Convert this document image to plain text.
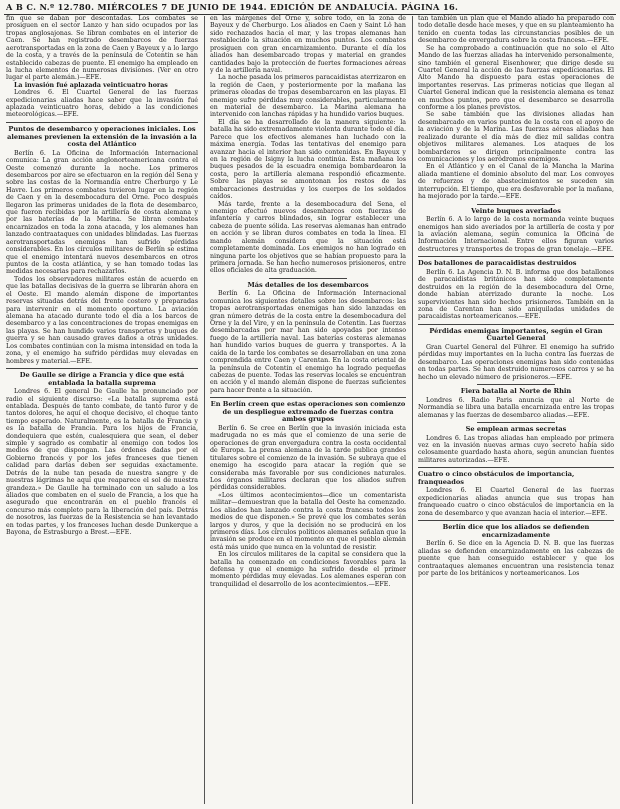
A B C. N.º 12.780. MIÉRCOLES 7 DE JUNIO DE 1944. EDICIÓN DE ANDALUCÍA. PÁGINA 16.

fin que se daban por descontadas. Los combates se prosiguen en el sector Lanzo y han sido ocupados por las tropas anglosajonas. Se libran combates en el interior de Caen. Se han registrado desembarcos de fuerzas aerotransportadas en la zona de Caen y Bayeux y a lo largo de la costa, y a través de la península de Cotentin se han establecido cabezas de puente. El enemigo ha empleado en la lucha elementos de numerosas divisiones. (Ver en otro lugar el parte alemán.)—EFE.

La invasión fué aplazada veinticuatro horas

Londres 6. El Cuartel General de las fuerzas expedicionarias aliadas hace saber que la invasión fué aplazada veinticuatro horas, debido a las condiciones meteorológicas.—EFE.

Puntos de desembarco y operaciones iniciales. Los alemanes previenen la extensión de la invasión a la costa del Atlántico

Berlín 6. La Oficina de Información Internacional comunica: La gran acción anglonorteamericana contra el Oeste comenzó durante la noche. Los primeros desembarcos por aire se efectuaron en la región del Sena y sobre las costas de la Normandía entre Cherburgo y Le Havre. Los primeros combates tuvieron lugar en la región de Caen y en la desembocadura del Orne. Poco después llegaron las primeras unidades de la flota de desembarco, que fueron recibidas por la artillería de costa alemana y por las baterías de la Marina. Se libran combates encarnizados en toda la zona atacada, y los alemanes han lanzado contraataques con unidades blindadas. Las fuerzas aerotransportadas enemigas han sufrido pérdidas considerables. En los círculos militares de Berlín se estima que el enemigo intentará nuevos desembarcos en otros puntos de la costa atlántica, y se han tomado todas las medidas necesarias para rechazarlos.

Todos los observadores militares están de acuerdo en que las batallas decisivas de la guerra se librarán ahora en el Oeste. El mando alemán dispone de importantes reservas situadas detrás del frente costero y preparadas para intervenir en el momento oportuno. La aviación alemana ha atacado durante todo el día a los barcos de desembarco y a las concentraciones de tropas enemigas en las playas. Se han hundido varios transportes y buques de guerra y se han causado graves daños a otras unidades. Los combates continúan con la misma intensidad en toda la zona, y el enemigo ha sufrido pérdidas muy elevadas en hombres y material.—EFE.

De Gaulle se dirige a Francia y dice que está entablada la batalla suprema

Londres 6. El general De Gaulle ha pronunciado por radio el siguiente discurso: «La batalla suprema está entablada. Después de tanto combate, de tanto furor y de tantos dolores, he aquí el choque decisivo, el choque tanto tiempo esperado. Naturalmente, es la batalla de Francia y es la batalla de Francia. Para los hijos de Francia, dondequiera que estén, cualesquiera que sean, el deber simple y sagrado es combatir al enemigo con todos los medios de que dispongan. Las órdenes dadas por el Gobierno francés y por los jefes franceses que tienen calidad para darlas deben ser seguidas exactamente. Detrás de la nube tan pesada de nuestra sangre y de nuestras lágrimas he aquí que reaparece el sol de nuestra grandeza.» De Gaulle ha terminado con un saludo a los aliados que combaten en el suelo de Francia, a los que ha asegurado que encontrarán en el pueblo francés el concurso más completo para la liberación del país. Detrás de nosotros, las fuerzas de la Resistencia se han levantado en todas partes, y los franceses luchan desde Dunkerque a Bayona, de Estrasburgo a Brest.—EFE.

en las márgenes del Orne y, sobre todo, en la zona de Bayeux y de Cherburgo. Los aliados en Caen y Saint Lô han sido rechazados hacia el mar, y las tropas alemanas han restablecido la situación en muchos puntos. Los combates prosiguen con gran encarnizamiento. Durante el día los aliados han desembarcado tropas y material en grandes cantidades bajo la protección de fuertes formaciones aéreas y de la artillería naval.

La noche pasada los primeros paracaidistas aterrizaron en la región de Caen, y posteriormente por la mañana las primeras oleadas de tropas desembarcaron en las playas. El enemigo sufre pérdidas muy considerables, particularmente en material de desembarco. La Marina alemana ha intervenido con lanchas rápidas y ha hundido varios buques.

El día se ha desarrollado de la manera siguiente: la batalla ha sido extremadamente violenta durante todo el día. Parece que los efectivos alemanes han luchado con la máxima energía. Todas las tentativas del enemigo para avanzar hacia el interior han sido contenidas. En Bayeux y en la región de Isigny la lucha continúa. Esta mañana los buques pesados de la escuadra enemiga bombardearon la costa, pero la artillería alemana respondió eficazmente. Sobre las playas se amontonan los restos de las embarcaciones destruidas y los cuerpos de los soldados caídos.

Más tarde, frente a la desembocadura del Sena, el enemigo efectuó nuevos desembarcos con fuerzas de infantería y carros blindados, sin lograr establecer una cabeza de puente sólida. Las reservas alemanas han entrado en acción y se libran duros combates en toda la línea. El mando alemán considera que la situación está completamente dominada. Los enemigos no han logrado en ninguna parte los objetivos que se habían propuesto para la primera jornada. Se han hecho numerosos prisioneros, entre ellos oficiales de alta graduación.

Más detalles de los desembarcos

Berlín 6. La Oficina de Información Internacional comunica los siguientes detalles sobre los desembarcos: las tropas aerotransportadas enemigas han sido lanzadas en gran número detrás de la costa entre la desembocadura del Orne y la del Vire, y en la península de Cotentin. Las fuerzas desembarcadas por mar han sido apoyadas por intenso fuego de la artillería naval. Las baterías costeras alemanas han hundido varios buques de guerra y transportes. A la caída de la tarde los combates se desarrollaban en una zona comprendida entre Caen y Carentan. En la costa oriental de la península de Cotentin el enemigo ha logrado pequeñas cabezas de puente. Todas las reservas locales se encuentran en acción y el mando alemán dispone de fuerzas suficientes para hacer frente a la situación.

En Berlín creen que estas operaciones son comienzo de un despliegue extremado de fuerzas contra ambos grupos

Berlín 6. Se cree en Berlín que la invasión iniciada esta madrugada no es más que el comienzo de una serie de operaciones de gran envergadura contra la costa occidental de Europa. La prensa alemana de la tarde publica grandes titulares sobre el comienzo de la invasión. Se subraya que el enemigo ha escogido para atacar la región que se consideraba más favorable por sus condiciones naturales. Los órganos militares declaran que los aliados sufren pérdidas considerables.

«Los últimos acontecimientos—dice un comentarista militar—demuestran que la batalla del Oeste ha comenzado. Los aliados han lanzado contra la costa francesa todos los medios de que disponen.» Se prevé que los combates serán largos y duros, y que la decisión no se producirá en los primeros días. Los círculos políticos alemanes señalan que la invasión se produce en el momento en que el pueblo alemán está más unido que nunca en la voluntad de resistir.

En los círculos militares de la capital se considera que la batalla ha comenzado en condiciones favorables para la defensa y que el enemigo ha sufrido desde el primer momento pérdidas muy elevadas. Los alemanes esperan con tranquilidad el desarrollo de los acontecimientos.—EFE.

tan también un plan que el Mando aliado ha preparado con todo detalle desde hace meses, y que en su planteamiento ha tenido en cuenta todas las circunstancias posibles de un desembarco de envergadura sobre la costa francesa.—EFE.

Se ha comprobado a continuación que no solo el Alto Mando de las fuerzas aliadas ha intervenido personalmente, sino también el general Eisenhower, que dirige desde su Cuartel General la acción de las fuerzas expedicionarias. El Alto Mando ha dispuesto para estas operaciones de importantes reservas. Las primeras noticias que llegan al Cuartel General indican que la resistencia alemana es tenaz en muchos puntos, pero que el desembarco se desarrolla conforme a los planes previstos.

Se sabe también que las divisiones aliadas han desembarcado en varios puntos de la costa con el apoyo de la aviación y de la Marina. Las fuerzas aéreas aliadas han realizado durante el día más de diez mil salidas contra objetivos militares alemanes. Los ataques de los bombarderos se dirigen principalmente contra las comunicaciones y los aeródromos enemigos.

En el Atlántico y en el Canal de la Mancha la Marina aliada mantiene el dominio absoluto del mar. Los convoyes de refuerzos y de abastecimientos se suceden sin interrupción. El tiempo, que era desfavorable por la mañana, ha mejorado por la tarde.—EFE.

Veinte buques averiados

Berlín 6. A lo largo de la costa normanda veinte buques enemigos han sido averiados por la artillería de costa y por la aviación alemana, según comunica la Oficina de Información Internacional. Entre ellos figuran varios destructores y transportes de tropas de gran tonelaje.—EFE.

Dos batallones de paracaidistas destruidos

Berlín 6. La Agencia D. N. B. informa que dos batallones de paracaidistas británicos han sido completamente destruidos en la región de la desembocadura del Orne, donde habían aterrizado durante la noche. Los supervivientes han sido hechos prisioneros. También en la zona de Carentan han sido aniquiladas unidades de paracaidistas norteamericanos.—EFE.

Pérdidas enemigas importantes, según el Gran Cuartel General

Gran Cuartel General del Führer. El enemigo ha sufrido pérdidas muy importantes en la lucha contra las fuerzas de desembarco. Las operaciones enemigas han sido contenidas en todas partes. Se han destruido numerosos carros y se ha hecho un elevado número de prisioneros.—EFE.

Fiera batalla al Norte de Rhin

Londres 6. Radio Paris anuncia que al Norte de Normandía se libra una batalla encarnizada entre las tropas alemanas y las fuerzas de desembarco aliadas.—EFE.

Se emplean armas secretas

Londres 6. Las tropas aliadas han empleado por primera vez en la invasión nuevas armas cuyo secreto había sido celosamente guardado hasta ahora, según anuncian fuentes militares autorizadas.—EFE.

Cuatro o cinco obstáculos de importancia, franqueados

Londres 6. El Cuartel General de las fuerzas expedicionarias aliadas anuncia que sus tropas han franqueado cuatro o cinco obstáculos de importancia en la zona de desembarco y que avanzan hacia el interior.—EFE.

Berlín dice que los aliados se defienden encarnizadamente

Berlín 6. Se dice en la Agencia D. N. B. que las fuerzas aliadas se defienden encarnizadamente en las cabezas de puente que han conseguido establecer y que los contraataques alemanes encuentran una resistencia tenaz por parte de los británicos y norteamericanos. Los
